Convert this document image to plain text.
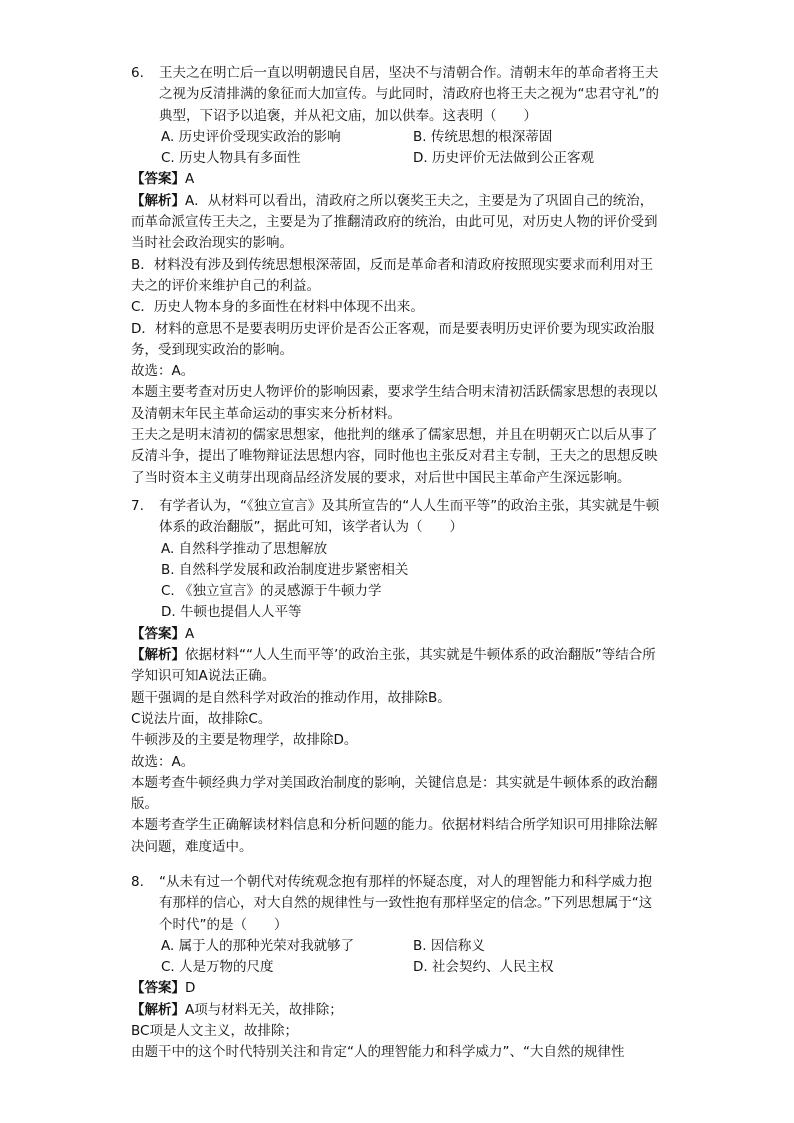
6. 王夫之在明亡后一直以明朝遗民自居，坚决不与清朝合作。清朝末年的革命者将王夫之视为反清排满的象征而大加宣传。与此同时，清政府也将王夫之视为“忠君守礼”的典型，下诏予以追褒，并从祀文庙，加以供奉。这表明（　　）

A. 历史评价受现实政治的影响	B. 传统思想的根深蒂固
C. 历史人物具有多面性	D. 历史评价无法做到公正客观

【答案】A

【解析】A．从材料可以看出，清政府之所以褒奖王夫之，主要是为了巩固自己的统治，而革命派宣传王夫之，主要是为了推翻清政府的统治，由此可见，对历史人物的评价受到当时社会政治现实的影响。

B．材料没有涉及到传统思想根深蒂固，反而是革命者和清政府按照现实要求而利用对王夫之的评价来维护自己的利益。

C．历史人物本身的多面性在材料中体现不出来。

D．材料的意思不是要表明历史评价是否公正客观，而是要表明历史评价要为现实政治服务，受到现实政治的影响。

故选：A。

本题主要考查对历史人物评价的影响因素，要求学生结合明末清初活跃儒家思想的表现以及清朝末年民主革命运动的事实来分析材料。

王夫之是明末清初的儒家思想家，他批判的继承了儒家思想，并且在明朝灭亡以后从事了反清斗争，提出了唯物辩证法思想内容，同时他也主张反对君主专制，王夫之的思想反映了当时资本主义萌芽出现商品经济发展的要求，对后世中国民主革命产生深远影响。

7. 有学者认为，“《独立宣言》及其所宣告的“人人生而平等”的政治主张，其实就是牛顿体系的政治翻版”，据此可知，该学者认为（　　）

A. 自然科学推动了思想解放

B. 自然科学发展和政治制度进步紧密相关

C. 《独立宣言》的灵感源于牛顿力学

D. 牛顿也提倡人人平等

【答案】A

【解析】依据材料““人人生而平等’的政治主张，其实就是牛顿体系的政治翻版”等结合所学知识可知A说法正确。

题干强调的是自然科学对政治的推动作用，故排除B。

C说法片面，故排除C。

牛顿涉及的主要是物理学，故排除D。

故选：A。

本题考查牛顿经典力学对美国政治制度的影响，关键信息是：其实就是牛顿体系的政治翻版。

本题考查学生正确解读材料信息和分析问题的能力。依据材料结合所学知识可用排除法解决问题，难度适中。

8. “从未有过一个朝代对传统观念抱有那样的怀疑态度，对人的理智能力和科学威力抱有那样的信心，对大自然的规律性与一致性抱有那样坚定的信念。”下列思想属于“这个时代”的是（　　）

A. 属于人的那种光荣对我就够了	B. 因信称义
C. 人是万物的尺度	D. 社会契约、人民主权

【答案】D

【解析】A项与材料无关，故排除；

BC项是人文主义，故排除；

由题干中的这个时代特别关注和肯定“人的理智能力和科学威力”、“大自然的规律性
